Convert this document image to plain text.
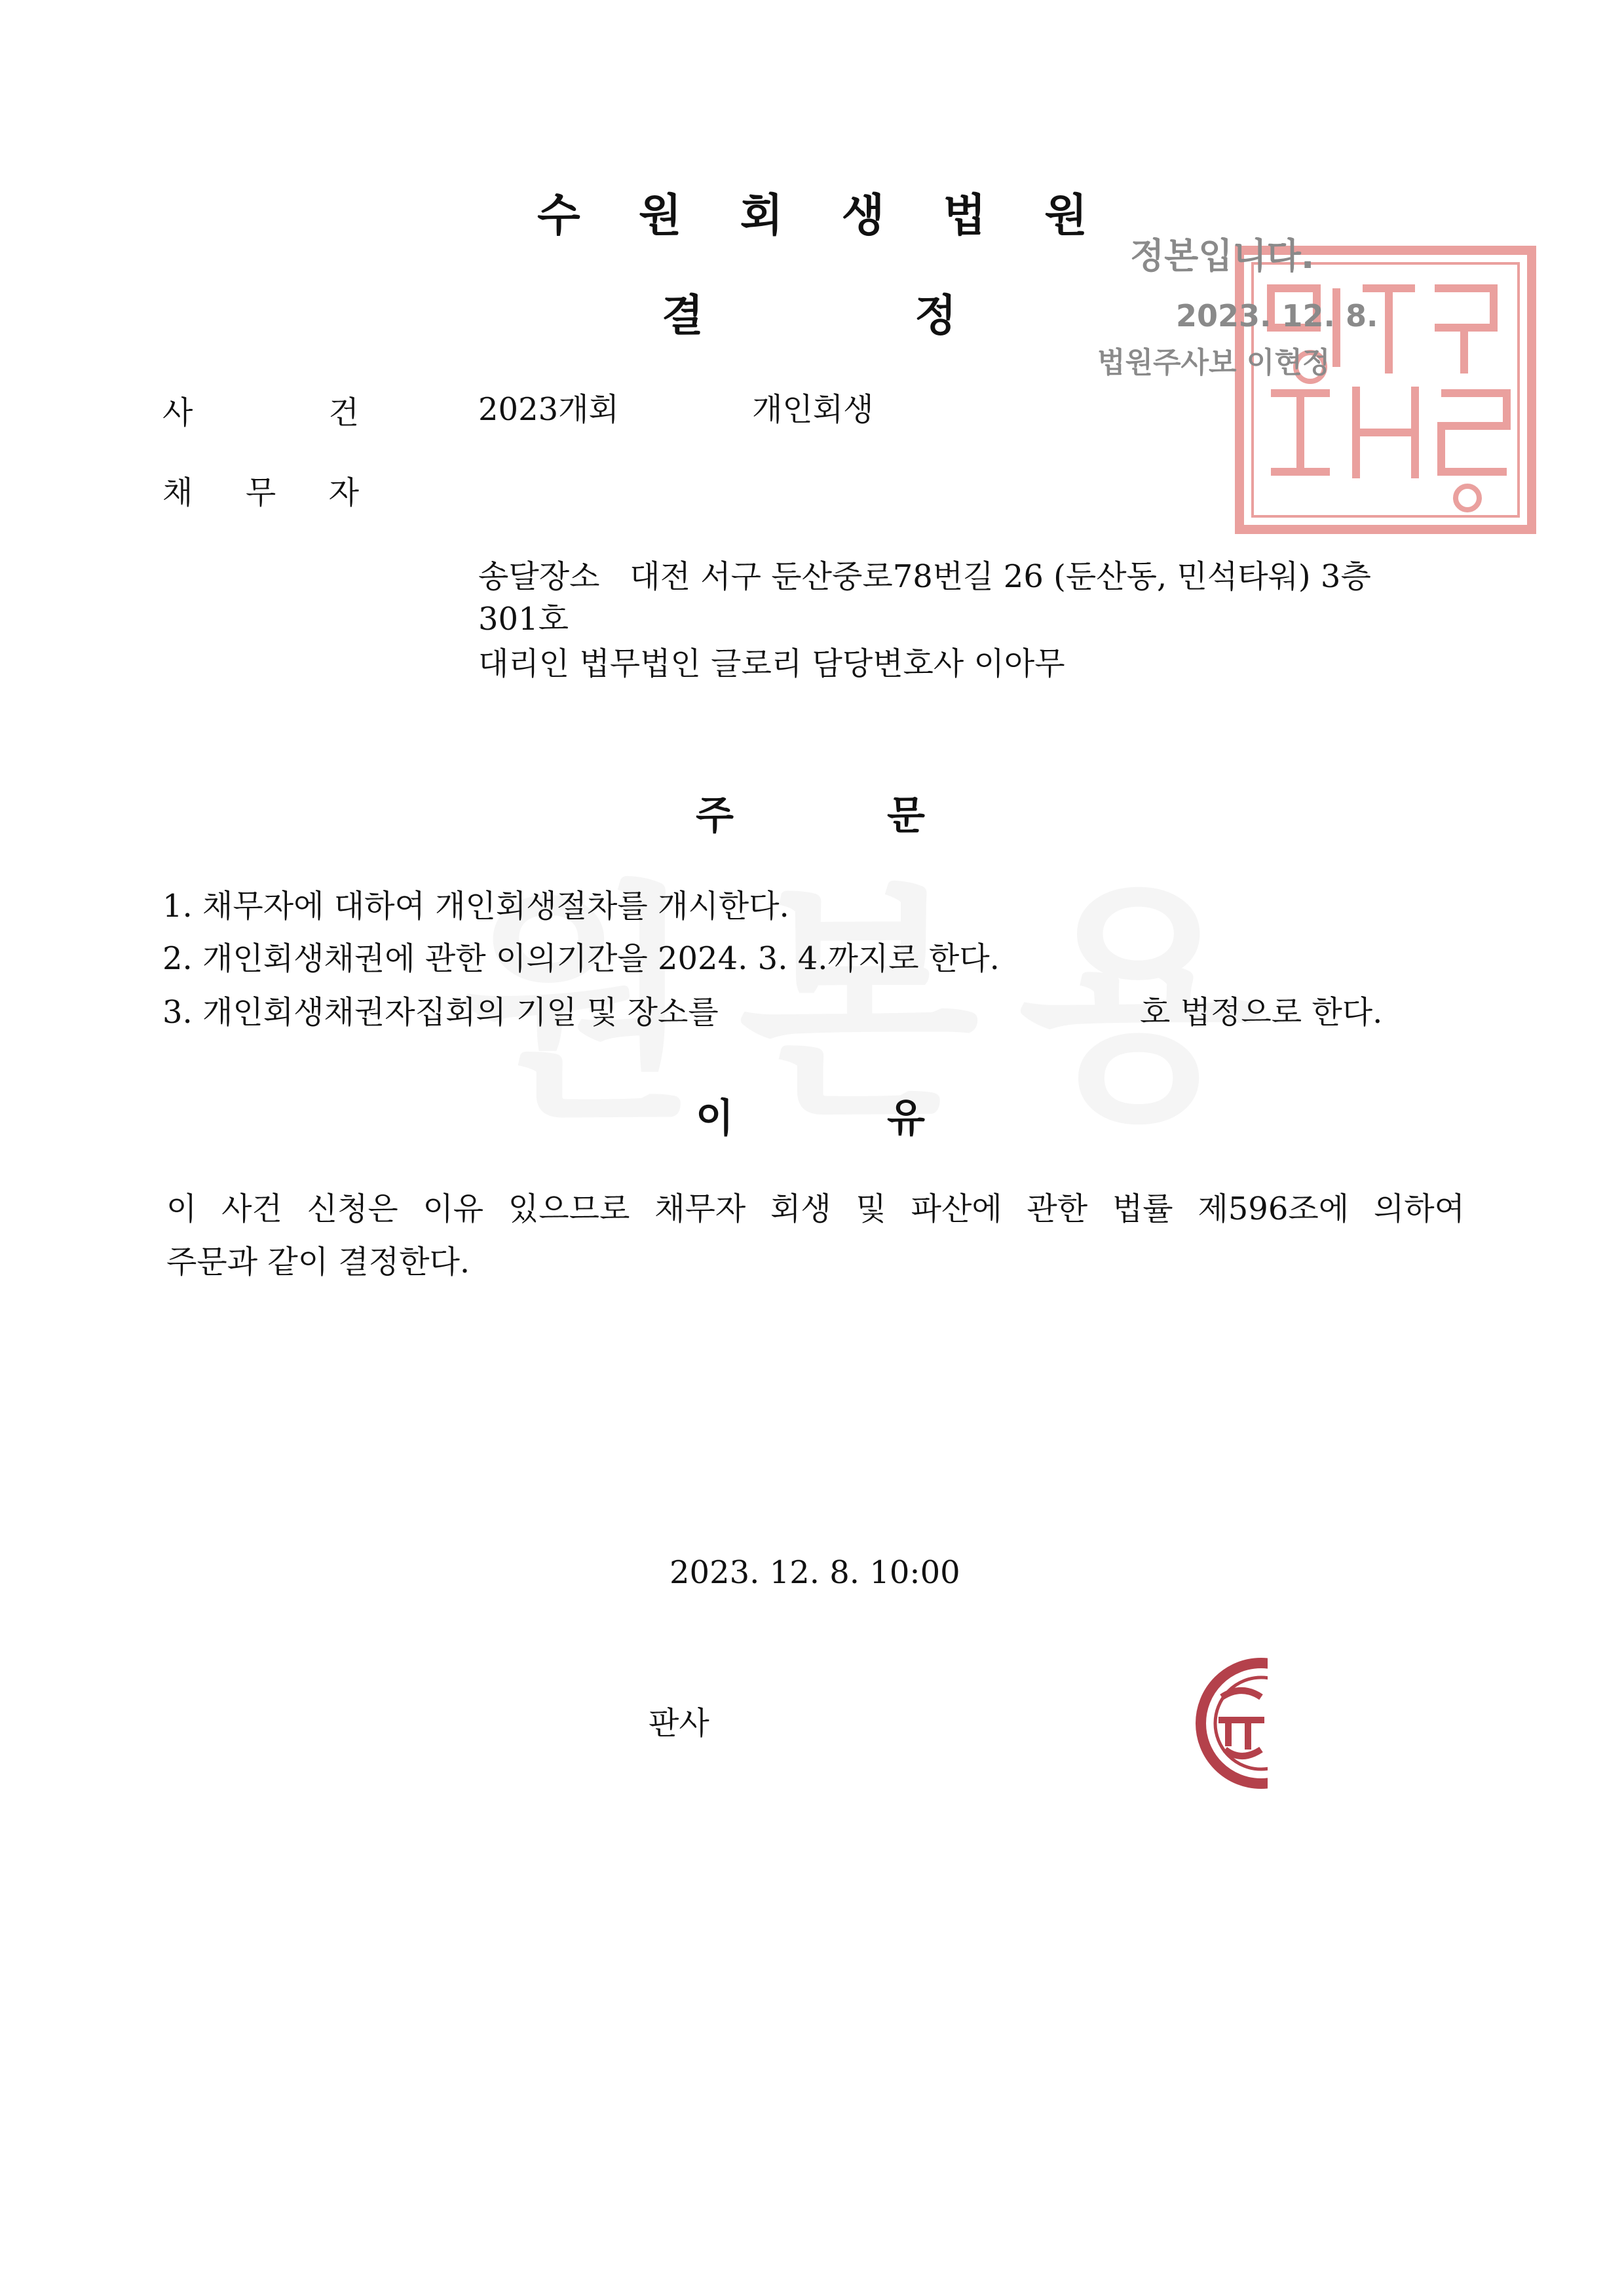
수 원 회 생 법 원
결	정
정본입니다.
2023. 12. 8.
법원주사보 이현정
사	건	2023개회	개인회생
채 무 자
송달장소   대전 서구 둔산중로78번길 26 (둔산동, 민석타워) 3층
301호
대리인 법무법인 글로리 담당변호사 이아무
주	문
1. 채무자에 대하여 개인회생절차를 개시한다.
2. 개인회생채권에 관한 이의기간을 2024. 3. 4.까지로 한다.
3. 개인회생채권자집회의 기일 및 장소를	호 법정으로 한다.
이	유
이 사건 신청은 이유 있으므로 채무자 회생 및 파산에 관한 법률 제596조에 의하여
주문과 같이 결정한다.
2023. 12. 8. 10:00
판사
